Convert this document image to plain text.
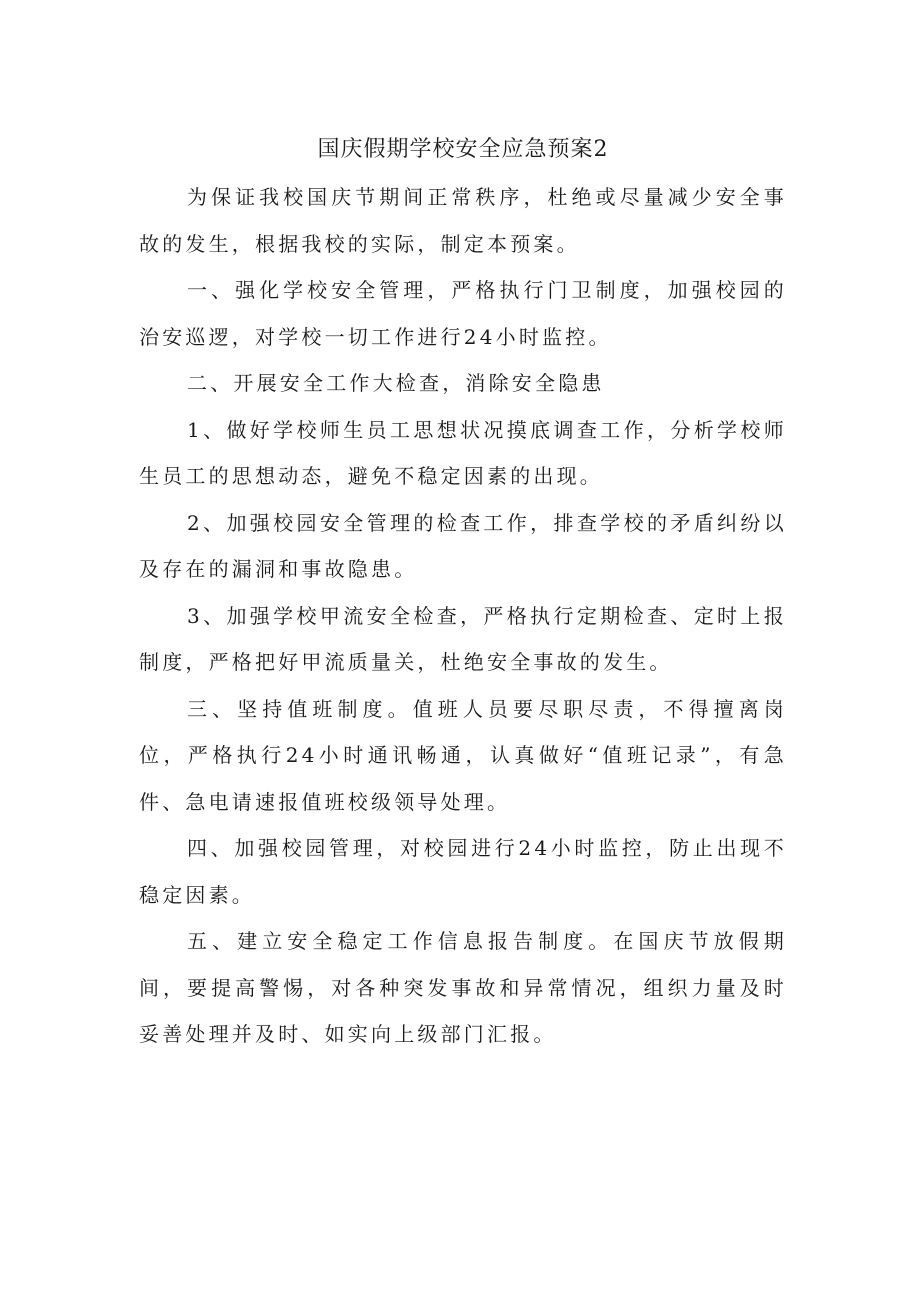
国庆假期学校安全应急预案2

为保证我校国庆节期间正常秩序，杜绝或尽量减少安全事故的发生，根据我校的实际，制定本预案。

一、强化学校安全管理，严格执行门卫制度，加强校园的治安巡逻，对学校一切工作进行24小时监控。

二、开展安全工作大检查，消除安全隐患

1、做好学校师生员工思想状况摸底调查工作，分析学校师生员工的思想动态，避免不稳定因素的出现。

2、加强校园安全管理的检查工作，排查学校的矛盾纠纷以及存在的漏洞和事故隐患。

3、加强学校甲流安全检查，严格执行定期检查、定时上报制度，严格把好甲流质量关，杜绝安全事故的发生。

三、坚持值班制度。值班人员要尽职尽责，不得擅离岗位，严格执行24小时通讯畅通，认真做好“值班记录”，有急件、急电请速报值班校级领导处理。

四、加强校园管理，对校园进行24小时监控，防止出现不稳定因素。

五、建立安全稳定工作信息报告制度。在国庆节放假期间，要提高警惕，对各种突发事故和异常情况，组织力量及时妥善处理并及时、如实向上级部门汇报。
